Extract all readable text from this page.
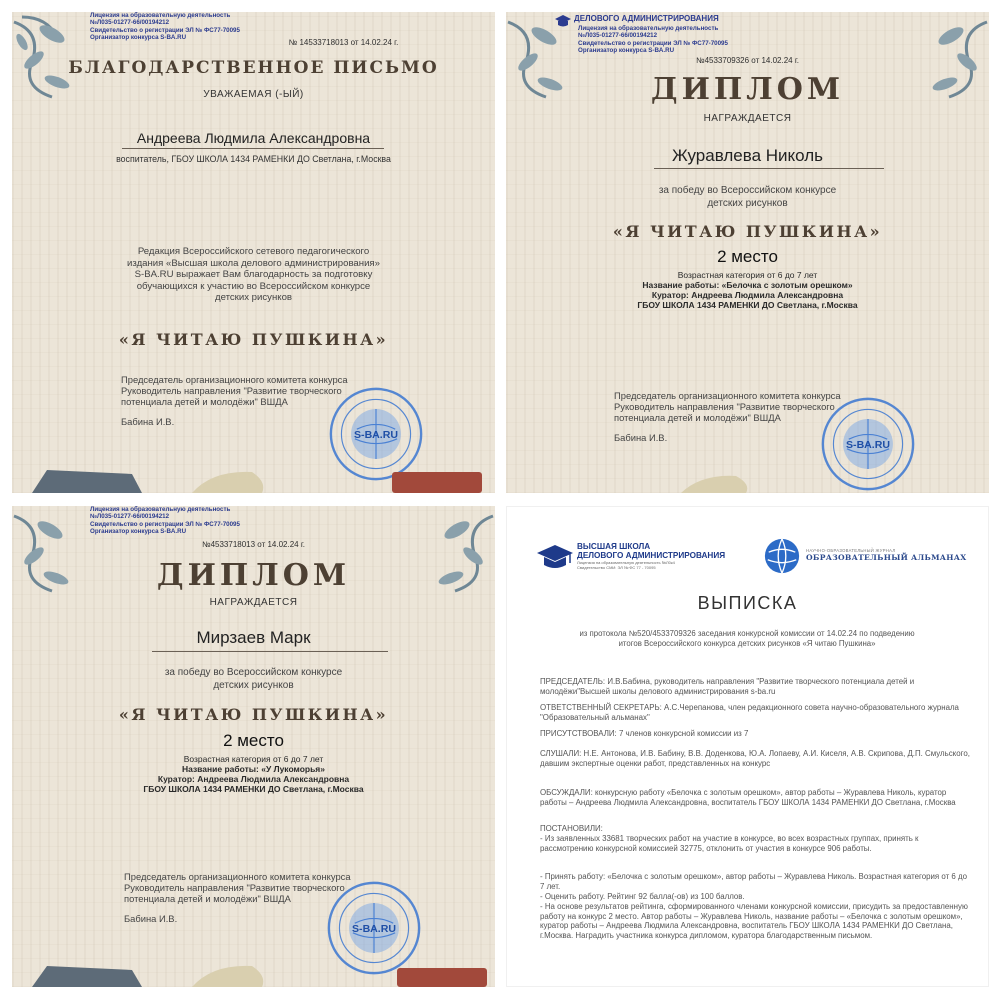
Лицензия на образовательную деятельность
№Л035-01277-66/00194212
Свидетельство о регистрации ЭЛ № ФС77-70095
Организатор конкурса S-BA.RU
№ 14533718013 от 14.02.24 г.
БЛАГОДАРСТВЕННОЕ ПИСЬМО
УВАЖАЕМАЯ (-ЫЙ)
Андреева Людмила Александровна
воспитатель, ГБОУ ШКОЛА 1434 РАМЕНКИ ДО Светлана, г.Москва
Редакция Всероссийского сетевого педагогического
издания «Высшая школа делового администрирования»
S-BA.RU выражает Вам благодарность за подготовку
обучающихся к участию во Всероссийском конкурсе
детских рисунков
«Я ЧИТАЮ ПУШКИНА»
Председатель организационного комитета конкурса
Руководитель направления "Развитие творческого
потенциала детей и молодёжи" ВШДА
Бабина И.В.
S-BA.RU
ДЕЛОВОГО АДМИНИСТРИРОВАНИЯ
Лицензия на образовательную деятельность
№Л035-01277-66/00194212
Свидетельство о регистрации ЭЛ № ФС77-70095
Организатор конкурса S-BA.RU
№4533709326 от 14.02.24 г.
ДИПЛОМ
НАГРАЖДАЕТСЯ
Журавлева Николь
за победу во Всероссийском конкурсе
детских рисунков
«Я ЧИТАЮ ПУШКИНА»
2 место
Возрастная категория от 6 до 7 лет
Название работы: «Белочка с золотым орешком»
Куратор: Андреева Людмила Александровна
ГБОУ ШКОЛА 1434 РАМЕНКИ ДО Светлана, г.Москва
Председатель организационного комитета конкурса
Руководитель направления "Развитие творческого
потенциала детей и молодёжи" ВШДА
Бабина И.В.
S-BA.RU
Лицензия на образовательную деятельность
№Л035-01277-66/00194212
Свидетельство о регистрации ЭЛ № ФС77-70095
Организатор конкурса S-BA.RU
№4533718013 от 14.02.24 г.
ДИПЛОМ
НАГРАЖДАЕТСЯ
Мирзаев Марк
за победу во Всероссийском конкурсе
детских рисунков
«Я ЧИТАЮ ПУШКИНА»
2 место
Возрастная категория от 6 до 7 лет
Название работы: «У Лукоморья»
Куратор: Андреева Людмила Александровна
ГБОУ ШКОЛА 1434 РАМЕНКИ ДО Светлана, г.Москва
Председатель организационного комитета конкурса
Руководитель направления "Развитие творческого
потенциала детей и молодёжи" ВШДА
Бабина И.В.
S-BA.RU
ВЫСШАЯ ШКОЛА
ДЕЛОВОГО АДМИНИСТРИРОВАНИЯ
Лицензия на образовательную деятельность №Л0к4
Свидетельство СМИ: ЭЛ № ФС 77 - 70095
НАУЧНО-ОБРАЗОВАТЕЛЬНЫЙ ЖУРНАЛ
ОБРАЗОВАТЕЛЬНЫЙ АЛЬМАНАХ
ВЫПИСКА
из протокола №520/4533709326 заседания конкурсной комиссии от 14.02.24 по подведению итогов Всероссийского конкурса детских рисунков «Я читаю Пушкина»
ПРЕДСЕДАТЕЛЬ: И.В.Бабина, руководитель направления "Развитие творческого потенциала детей и молодёжи"Высшей школы делового администрирования s-ba.ru
ОТВЕТСТВЕННЫЙ СЕКРЕТАРЬ: А.С.Черепанова, член редакционного совета научно-образовательного журнала "Образовательный альманах"
ПРИСУТСТВОВАЛИ: 7 членов конкурсной комиссии из 7
СЛУШАЛИ: Н.Е. Антонова, И.В. Бабину, В.В. Доденкова, Ю.А. Лопаеву, А.И. Киселя, А.В. Скрипова, Д.П. Смульского, давшим экспертные оценки работ, представленных на конкурс
ОБСУЖДАЛИ: конкурсную работу «Белочка с золотым орешком», автор работы – Журавлева Николь, куратор работы – Андреева Людмила Александровна, воспитатель ГБОУ ШКОЛА 1434 РАМЕНКИ ДО Светлана, г.Москва
ПОСТАНОВИЛИ:
- Из заявленных 33681 творческих работ на участие в конкурсе, во всех возрастных группах, принять к рассмотрению конкурсной комиссией 32775, отклонить от участия в конкурсе 906 работы.
- Принять работу: «Белочка с золотым орешком», автор работы – Журавлева Николь. Возрастная категория от 6 до 7 лет.
- Оценить работу. Рейтинг 92 балла(-ов) из 100 баллов.
- На основе результатов рейтинга, сформированного членами конкурсной комиссии, присудить за предоставленную работу на конкурс 2 место. Автор работы – Журавлева Николь, название работы – «Белочка с золотым орешком», куратор работы – Андреева Людмила Александровна, воспитатель ГБОУ ШКОЛА 1434 РАМЕНКИ ДО Светлана, г.Москва. Наградить участника конкурса дипломом, куратора благодарственным письмом.
